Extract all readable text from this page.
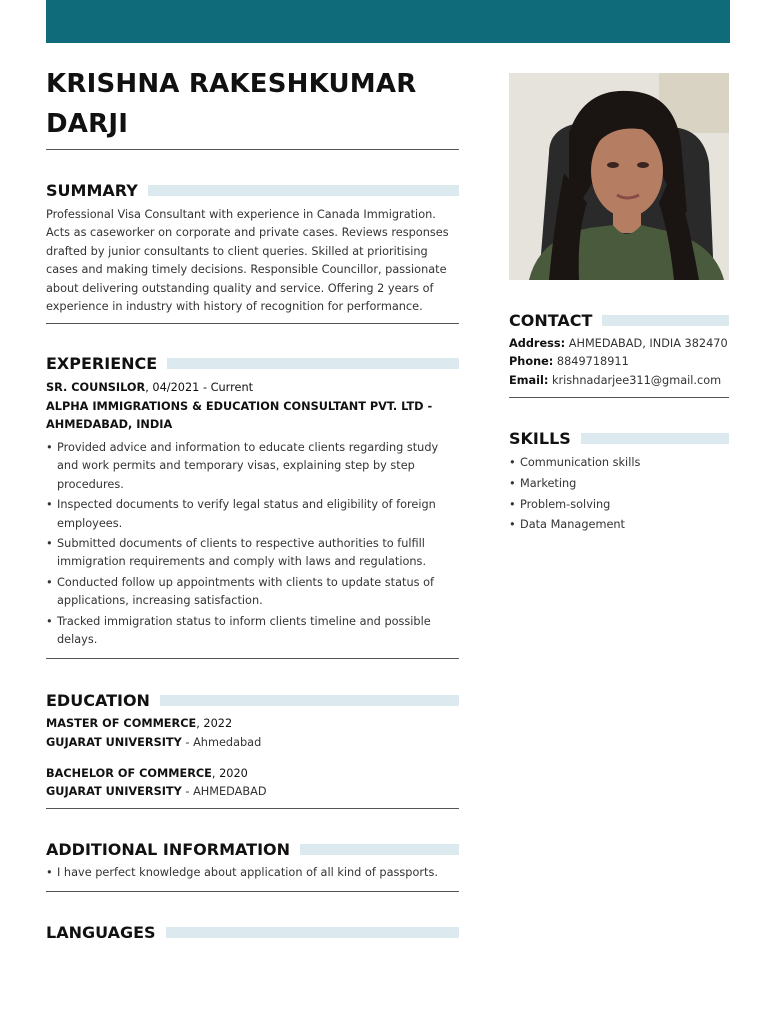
KRISHNA RAKESHKUMAR
DARJI
SUMMARY
Professional Visa Consultant with experience in Canada Immigration. Acts as caseworker on corporate and private cases. Reviews responses drafted by junior consultants to client queries. Skilled at prioritising cases and making timely decisions. Responsible Councillor, passionate about delivering outstanding quality and service. Offering 2 years of experience in industry with history of recognition for performance.
EXPERIENCE
SR. COUNSILOR, 04/2021 - Current
ALPHA IMMIGRATIONS & EDUCATION CONSULTANT PVT. LTD -
AHMEDABAD, INDIA
• Provided advice and information to educate clients regarding study and work permits and temporary visas, explaining step by step procedures.
• Inspected documents to verify legal status and eligibility of foreign employees.
• Submitted documents of clients to respective authorities to fulfill immigration requirements and comply with laws and regulations.
• Conducted follow up appointments with clients to update status of applications, increasing satisfaction.
• Tracked immigration status to inform clients timeline and possible delays.
EDUCATION
MASTER OF COMMERCE, 2022
GUJARAT UNIVERSITY - Ahmedabad
BACHELOR OF COMMERCE, 2020
GUJARAT UNIVERSITY - AHMEDABAD
ADDITIONAL INFORMATION
• I have perfect knowledge about application of all kind of passports.
LANGUAGES
CONTACT
Address: AHMEDABAD, INDIA 382470
Phone: 8849718911
Email: krishnadarjee311@gmail.com
SKILLS
• Communication skills
• Marketing
• Problem-solving
• Data Management
